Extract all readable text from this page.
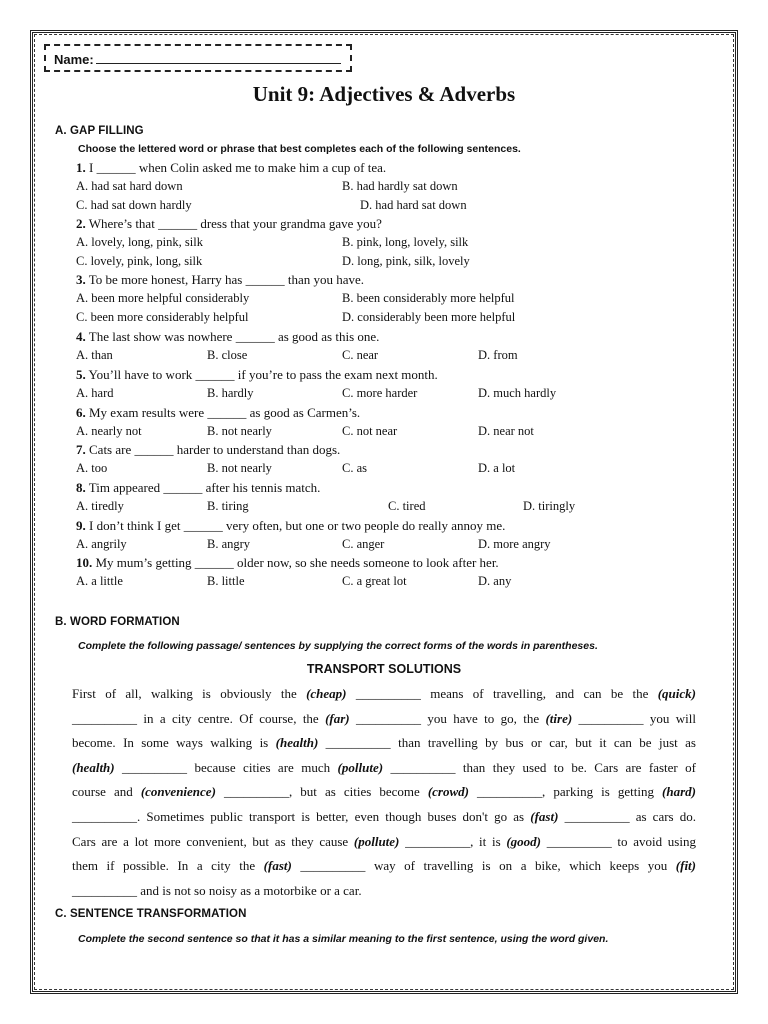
Name:
Unit 9: Adjectives & Adverbs
A. GAP FILLING
Choose the lettered word or phrase that best completes each of the following sentences.
1. I ______ when Colin asked me to make him a cup of tea.
A. had sat hard down	B. had hardly sat down
C. had sat down hardly	D. had hard sat down
2. Where’s that ______ dress that your grandma gave you?
A. lovely, long, pink, silk	B. pink, long, lovely, silk
C. lovely, pink, long, silk	D. long, pink, silk, lovely
3. To be more honest, Harry has ______ than you have.
A. been more helpful considerably	B. been considerably more helpful
C. been more considerably helpful	D. considerably been more helpful
4. The last show was nowhere ______ as good as this one.
A. than	B. close	C. near	D. from
5. You’ll have to work ______ if you’re to pass the exam next month.
A. hard	B. hardly	C. more harder	D. much hardly
6. My exam results were ______ as good as Carmen’s.
A. nearly not	B. not nearly	C. not near	D. near not
7. Cats are ______ harder to understand than dogs.
A. too	B. not nearly	C. as	D. a lot
8. Tim appeared ______ after his tennis match.
A. tiredly	B. tiring	C. tired	D. tiringly
9. I don’t think I get ______ very often, but one or two people do really annoy me.
A. angrily	B. angry	C. anger	D. more angry
10. My mum’s getting ______ older now, so she needs someone to look after her.
A. a little	B. little	C. a great lot	D. any
B. WORD FORMATION
Complete the following passage/ sentences by supplying the correct forms of the words in parentheses.
TRANSPORT SOLUTIONS
First of all, walking is obviously the (cheap) __________ means of travelling, and can be the (quick)
__________ in a city centre. Of course, the (far) __________ you have to go, the (tire) __________ you will
become. In some ways walking is (health) __________ than travelling by bus or car, but it can be just as
(health) __________ because cities are much (pollute) __________ than they used to be. Cars are faster of
course and (convenience) __________, but as cities become (crowd) __________, parking is getting (hard)
__________. Sometimes public transport is better, even though buses don't go as (fast) __________ as cars do.
Cars are a lot more convenient, but as they cause (pollute) __________, it is (good) __________ to avoid using
them if possible. In a city the (fast) __________ way of travelling is on a bike, which keeps you (fit)
__________ and is not so noisy as a motorbike or a car.
C. SENTENCE TRANSFORMATION
Complete the second sentence so that it has a similar meaning to the first sentence, using the word given.
